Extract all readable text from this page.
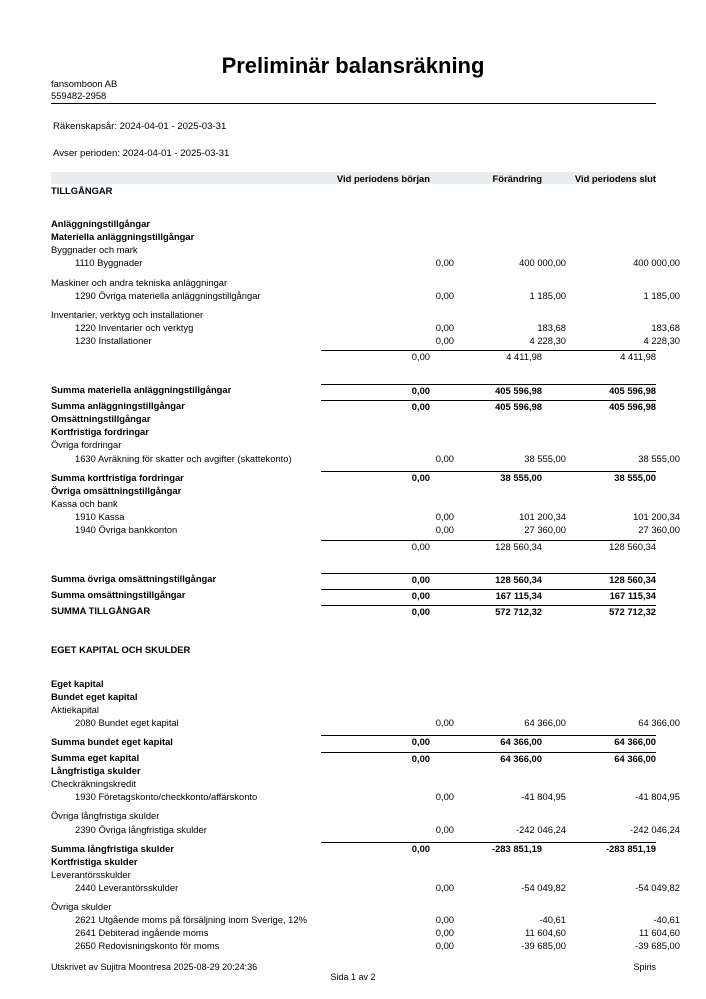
Preliminär balansräkning
fansomboon AB
559482-2958
Räkenskapsår: 2024-04-01 - 2025-03-31
Avser perioden: 2024-04-01 - 2025-03-31
Vid periodens början	Förändring	Vid periodens slut
TILLGÅNGAR
Anläggningstillgångar
Materiella anläggningstillgångar
Byggnader och mark
1110 Byggnader	0,00	400 000,00	400 000,00
Maskiner och andra tekniska anläggningar
1290 Övriga materiella anläggningstillgångar	0,00	1 185,00	1 185,00
Inventarier, verktyg och installationer
1220 Inventarier och verktyg	0,00	183,68	183,68
1230 Installationer	0,00	4 228,30	4 228,30
0,00	4 411,98	4 411,98
Summa materiella anläggningstillgångar	0,00	405 596,98	405 596,98
Summa anläggningstillgångar	0,00	405 596,98	405 596,98
Omsättningstillgångar
Kortfristiga fordringar
Övriga fordringar
1630 Avräkning för skatter och avgifter (skattekonto)	0,00	38 555,00	38 555,00
Summa kortfristiga fordringar	0,00	38 555,00	38 555,00
Övriga omsättningstillgångar
Kassa och bank
1910 Kassa	0,00	101 200,34	101 200,34
1940 Övriga bankkonton	0,00	27 360,00	27 360,00
0,00	128 560,34	128 560,34
Summa övriga omsättningstillgångar	0,00	128 560,34	128 560,34
Summa omsättningstillgångar	0,00	167 115,34	167 115,34
SUMMA TILLGÅNGAR	0,00	572 712,32	572 712,32
EGET KAPITAL OCH SKULDER
Eget kapital
Bundet eget kapital
Aktiekapital
2080 Bundet eget kapital	0,00	64 366,00	64 366,00
Summa bundet eget kapital	0,00	64 366,00	64 366,00
Summa eget kapital	0,00	64 366,00	64 366,00
Långfristiga skulder
Checkräkningskredit
1930 Företagskonto/checkkonto/affärskonto	0,00	-41 804,95	-41 804,95
Övriga långfristiga skulder
2390 Övriga långfristiga skulder	0,00	-242 046,24	-242 046,24
Summa långfristiga skulder	0,00	-283 851,19	-283 851,19
Kortfristiga skulder
Leverantörsskulder
2440 Leverantörsskulder	0,00	-54 049,82	-54 049,82
Övriga skulder
2621 Utgående moms på försäljning inom Sverige, 12%	0,00	-40,61	-40,61
2641 Debiterad ingående moms	0,00	11 604,60	11 604,60
2650 Redovisningskonto för moms	0,00	-39 685,00	-39 685,00
Utskrivet av Sujitra Moontresa 2025-08-29 20:24:36	Spiris
Sida 1 av 2
